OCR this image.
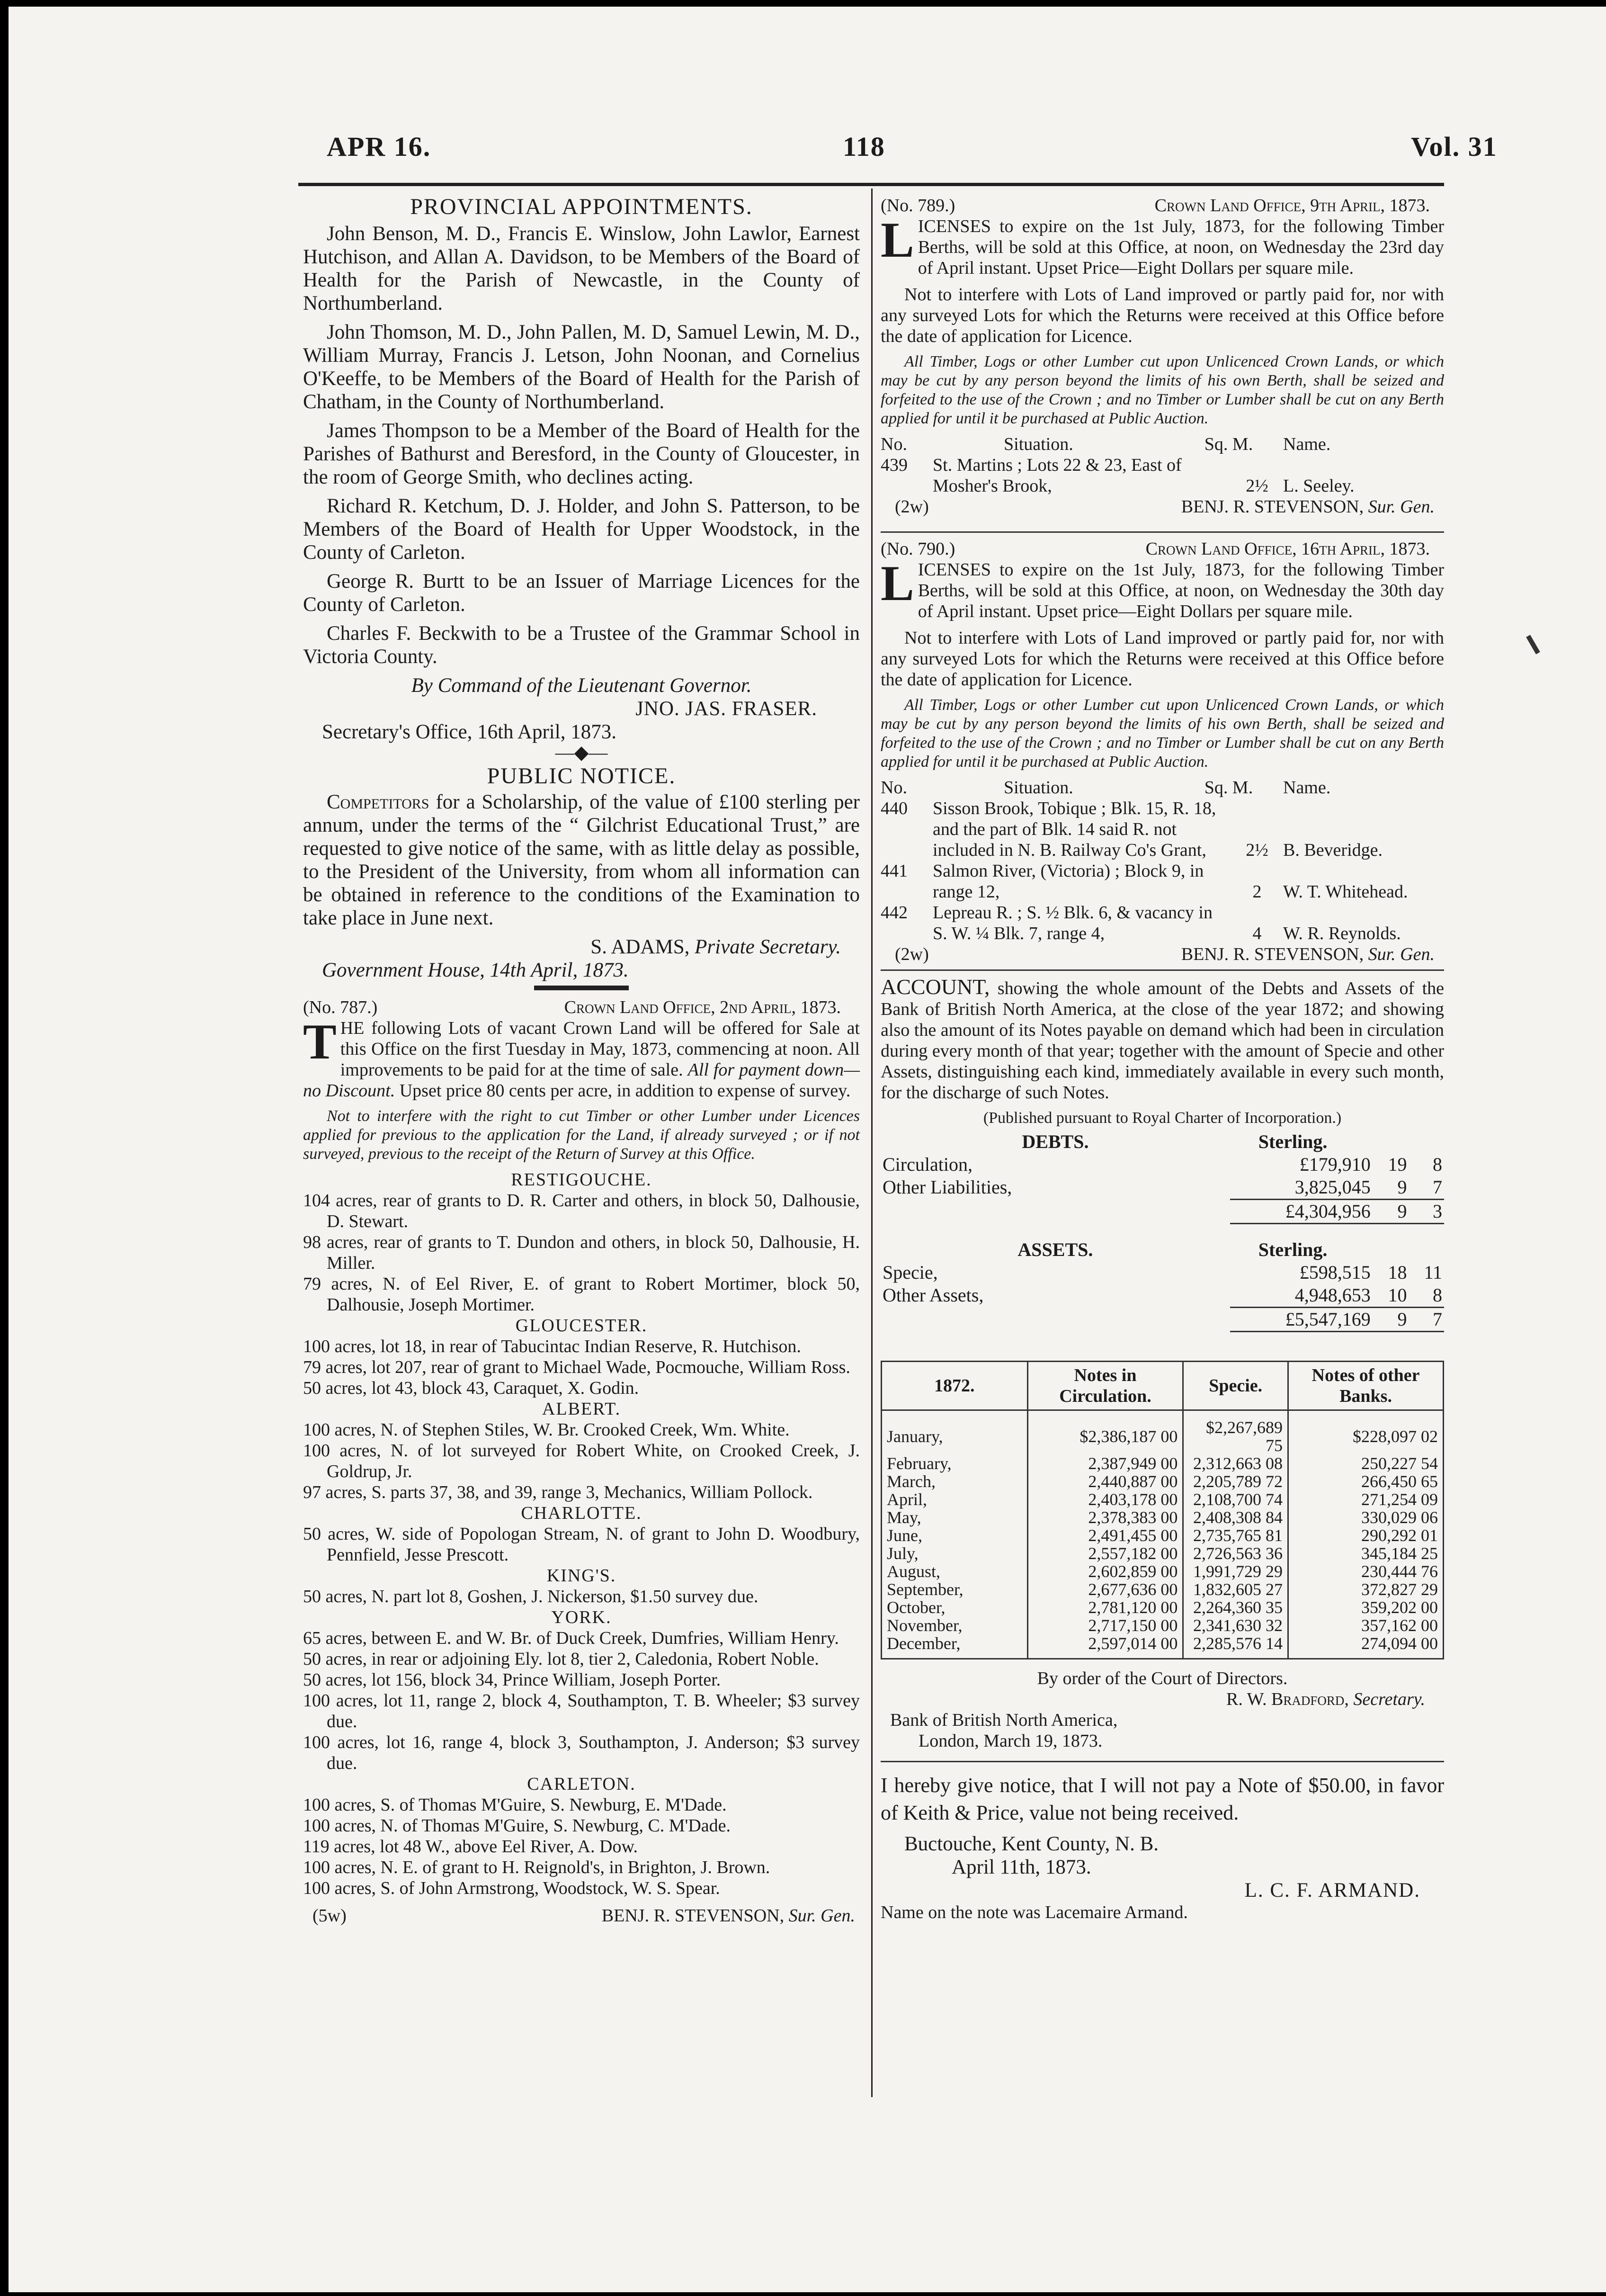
APR 16.	118	Vol. 31
PROVINCIAL APPOINTMENTS.

John Benson, M. D., Francis E. Winslow, John Lawlor, Earnest Hutchison, and Allan A. Davidson, to be Members of the Board of Health for the Parish of Newcastle, in the County of Northumberland.

John Thomson, M. D., John Pallen, M. D, Samuel Lewin, M. D., William Murray, Francis J. Letson, John Noonan, and Cornelius O'Keeffe, to be Members of the Board of Health for the Parish of Chatham, in the County of Northumberland.

James Thompson to be a Member of the Board of Health for the Parishes of Bathurst and Beresford, in the County of Gloucester, in the room of George Smith, who declines acting.

Richard R. Ketchum, D. J. Holder, and John S. Patterson, to be Members of the Board of Health for Upper Woodstock, in the County of Carleton.

George R. Burtt to be an Issuer of Marriage Licences for the County of Carleton.

Charles F. Beckwith to be a Trustee of the Grammar School in Victoria County.

By Command of the Lieutenant Governor.
JNO. JAS. FRASER.
Secretary's Office, 16th April, 1873.
—◆—
PUBLIC NOTICE.

Competitors for a Scholarship, of the value of £100 sterling per annum, under the terms of the “ Gilchrist Educational Trust,” are requested to give notice of the same, with as little delay as possible, to the President of the University, from whom all information can be obtained in reference to the conditions of the Examination to take place in June next.

S. ADAMS, Private Secretary.
Government House, 14th April, 1873.
(No. 787.)	Crown Land Office, 2nd April, 1873.

THE following Lots of vacant Crown Land will be offered for Sale at this Office on the first Tuesday in May, 1873, commencing at noon. All improvements to be paid for at the time of sale. All for payment down—no Discount. Upset price 80 cents per acre, in addition to expense of survey.

Not to interfere with the right to cut Timber or other Lumber under Licences applied for previous to the application for the Land, if already surveyed ; or if not surveyed, previous to the receipt of the Return of Survey at this Office.

RESTIGOUCHE.
104 acres, rear of grants to D. R. Carter and others, in block 50, Dalhousie, D. Stewart.
98 acres, rear of grants to T. Dundon and others, in block 50, Dalhousie, H. Miller.
79 acres, N. of Eel River, E. of grant to Robert Mortimer, block 50, Dalhousie, Joseph Mortimer.
GLOUCESTER.
100 acres, lot 18, in rear of Tabucintac Indian Reserve, R. Hutchison.
79 acres, lot 207, rear of grant to Michael Wade, Pocmouche, William Ross.
50 acres, lot 43, block 43, Caraquet, X. Godin.
ALBERT.
100 acres, N. of Stephen Stiles, W. Br. Crooked Creek, Wm. White.
100 acres, N. of lot surveyed for Robert White, on Crooked Creek, J. Goldrup, Jr.
97 acres, S. parts 37, 38, and 39, range 3, Mechanics, William Pollock.
CHARLOTTE.
50 acres, W. side of Popologan Stream, N. of grant to John D. Woodbury, Pennfield, Jesse Prescott.
KING'S.
50 acres, N. part lot 8, Goshen, J. Nickerson, $1.50 survey due.
YORK.
65 acres, between E. and W. Br. of Duck Creek, Dumfries, William Henry.
50 acres, in rear or adjoining Ely. lot 8, tier 2, Caledonia, Robert Noble.
50 acres, lot 156, block 34, Prince William, Joseph Porter.
100 acres, lot 11, range 2, block 4, Southampton, T. B. Wheeler; $3 survey due.
100 acres, lot 16, range 4, block 3, Southampton, J. Anderson; $3 survey due.
CARLETON.
100 acres, S. of Thomas M'Guire, S. Newburg, E. M'Dade.
100 acres, N. of Thomas M'Guire, S. Newburg, C. M'Dade.
119 acres, lot 48 W., above Eel River, A. Dow.
100 acres, N. E. of grant to H. Reignold's, in Brighton, J. Brown.
100 acres, S. of John Armstrong, Woodstock, W. S. Spear.
(5w)	BENJ. R. STEVENSON, Sur. Gen.
(No. 789.)	Crown Land Office, 9th April, 1873.

LICENSES to expire on the 1st July, 1873, for the following Timber Berths, will be sold at this Office, at noon, on Wednesday the 23rd day of April instant. Upset Price—Eight Dollars per square mile.

Not to interfere with Lots of Land improved or partly paid for, nor with any surveyed Lots for which the Returns were received at this Office before the date of application for Licence.

All Timber, Logs or other Lumber cut upon Unlicenced Crown Lands, or which may be cut by any person beyond the limits of his own Berth, shall be seized and forfeited to the use of the Crown ; and no Timber or Lumber shall be cut on any Berth applied for until it be purchased at Public Auction.

No.	Situation.	Sq. M.	Name.
439	St. Martins ; Lots 22 & 23, East of Mosher's Brook,	2½ L. Seeley.
(2w)	BENJ. R. STEVENSON, Sur. Gen.
(No. 790.)	Crown Land Office, 16th April, 1873.

LICENSES to expire on the 1st July, 1873, for the following Timber Berths, will be sold at this Office, at noon, on Wednesday the 30th day of April instant. Upset price—Eight Dollars per square mile.

Not to interfere with Lots of Land improved or partly paid for, nor with any surveyed Lots for which the Returns were received at this Office before the date of application for Licence.

All Timber, Logs or other Lumber cut upon Unlicenced Crown Lands, or which may be cut by any person beyond the limits of his own Berth, shall be seized and forfeited to the use of the Crown ; and no Timber or Lumber shall be cut on any Berth applied for until it be purchased at Public Auction.

No.	Situation.	Sq. M.	Name.
440	Sisson Brook, Tobique ; Blk. 15, R. 18, and the part of Blk. 14 said R. not included in N. B. Railway Co's Grant,	2½ B. Beveridge.
441	Salmon River, (Victoria) ; Block 9, in range 12,	2	W. T. Whitehead.
442	Lepreau R. ; S. ½ Blk. 6, & vacancy in S. W. ¼ Blk. 7, range 4,	4	W. R. Reynolds.
(2w)	BENJ. R. STEVENSON, Sur. Gen.

ACCOUNT, showing the whole amount of the Debts and Assets of the Bank of British North America, at the close of the year 1872; and showing also the amount of its Notes payable on demand which had been in circulation during every month of that year; together with the amount of Specie and other Assets, distinguishing each kind, immediately available in every such month, for the discharge of such Notes.

(Published pursuant to Royal Charter of Incorporation.)
DEBTS.	Sterling.		
Circulation,	£179,910	19	8
Other Liabilities,	3,825,045	9	7
	£4,304,956	9	3

ASSETS.	Sterling.		
Specie,	£598,515	18	11
Other Assets,	4,948,653	10	8
	£5,547,169	9	7
1872.	Notes in Circulation.	Specie.	Notes of other Banks.
January,	$2,386,187 00	$2,267,689 75	$228,097 02
February,	2,387,949 00	2,312,663 08	250,227 54
March,	2,440,887 00	2,205,789 72	266,450 65
April,	2,403,178 00	2,108,700 74	271,254 09
May,	2,378,383 00	2,408,308 84	330,029 06
June,	2,491,455 00	2,735,765 81	290,292 01
July,	2,557,182 00	2,726,563 36	345,184 25
August,	2,602,859 00	1,991,729 29	230,444 76
September,	2,677,636 00	1,832,605 27	372,827 29
October,	2,781,120 00	2,264,360 35	359,202 00
November,	2,717,150 00	2,341,630 32	357,162 00
December,	2,597,014 00	2,285,576 14	274,094 00
By order of the Court of Directors.
R. W. Bradford, Secretary.
Bank of British North America,
London, March 19, 1873.

I hereby give notice, that I will not pay a Note of $50.00, in favor of Keith & Price, value not being received.

Buctouche, Kent County, N. B.
April 11th, 1873.
L. C. F. ARMAND.
Name on the note was Lacemaire Armand.
